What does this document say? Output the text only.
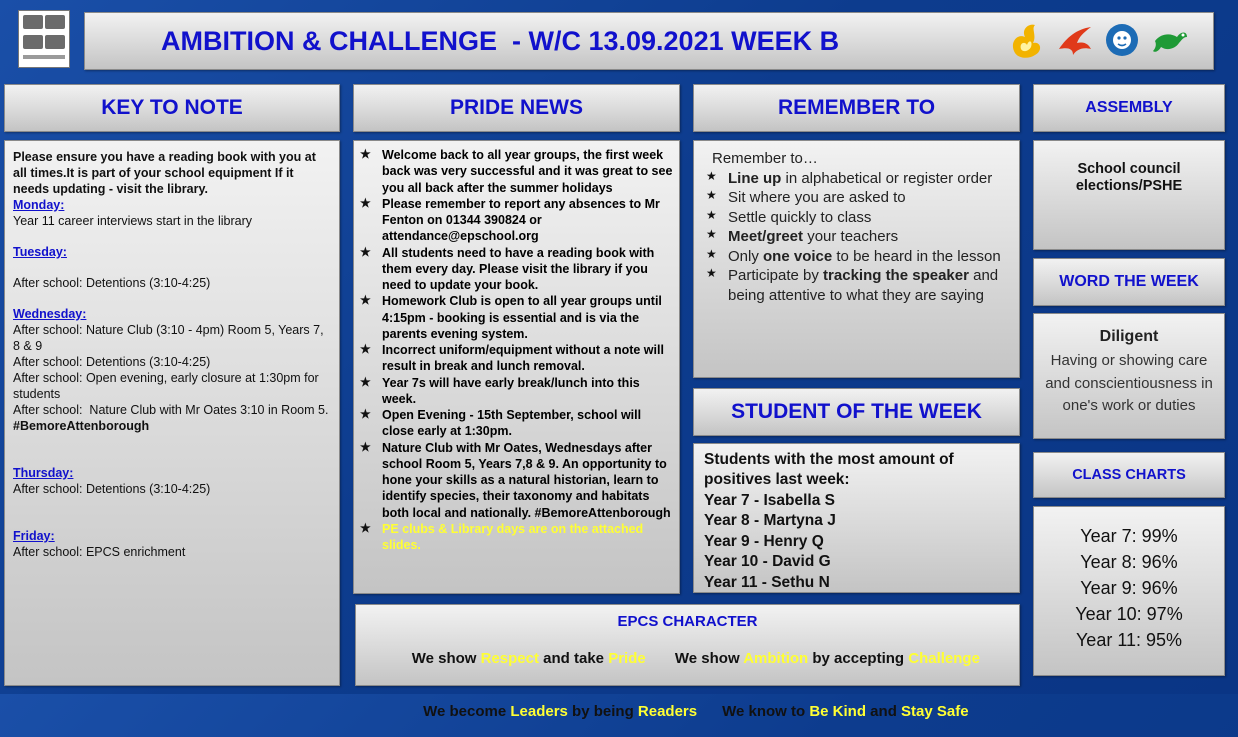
AMBITION & CHALLENGE  - W/C 13.09.2021 WEEK B
KEY TO NOTE
Please ensure you have a reading book with you at all times.It is part of your school equipment If it needs updating - visit the library.
Monday:
Year 11 career interviews start in the library
Tuesday:
After school: Detentions (3:10-4:25)
Wednesday:
After school: Nature Club (3:10 - 4pm) Room 5, Years 7, 8 & 9
After school: Detentions (3:10-4:25)
After school: Open evening, early closure at 1:30pm for students
After school:  Nature Club with Mr Oates 3:10 in Room 5.  #BemoreAttenborough
Thursday:
After school: Detentions (3:10-4:25)
Friday:
After school: EPCS enrichment
PRIDE NEWS
★ Welcome back to all year groups, the first week back was very successful and it was great to see you all back after the summer holidays
★ Please remember to report any absences to Mr Fenton on 01344 390824 or attendance@epschool.org
★ All students need to have a reading book with them every day. Please visit the library if you need to update your book.
★ Homework Club is open to all year groups until 4:15pm - booking is essential and is via the parents evening system.
★ Incorrect uniform/equipment without a note will result in break and lunch removal.
★ Year 7s will have early break/lunch into this week.
★ Open Evening - 15th September, school will close early at 1:30pm.
★ Nature Club with Mr Oates, Wednesdays after school Room 5, Years 7,8 & 9. An opportunity to hone your skills as a natural historian, learn to identify species, their taxonomy and habitats both local and nationally. #BemoreAttenborough
★ PE clubs & Library days are on the attached slides.
REMEMBER TO
Remember to…
★ Line up in alphabetical or register order
★ Sit where you are asked to
★ Settle quickly to class
★ Meet/greet your teachers
★ Only one voice to be heard in the lesson
★ Participate by tracking the speaker and being attentive to what they are saying
STUDENT OF THE WEEK
Students with the most amount of positives last week:
Year 7 - Isabella S
Year 8 - Martyna J
Year 9 - Henry Q
Year 10 - David G
Year 11 - Sethu N
EPCS CHARACTER

We show Respect and take Pride       We show Ambition by accepting Challenge

We become Leaders by being Readers      We know to Be Kind and Stay Safe

ASSEMBLY
School council elections/PSHE
WORD THE WEEK
Diligent
Having or showing care and conscientiousness in one's work or duties
CLASS CHARTS
Year 7: 99%
Year 8: 96%
Year 9: 96%
Year 10: 97%
Year 11: 95%
